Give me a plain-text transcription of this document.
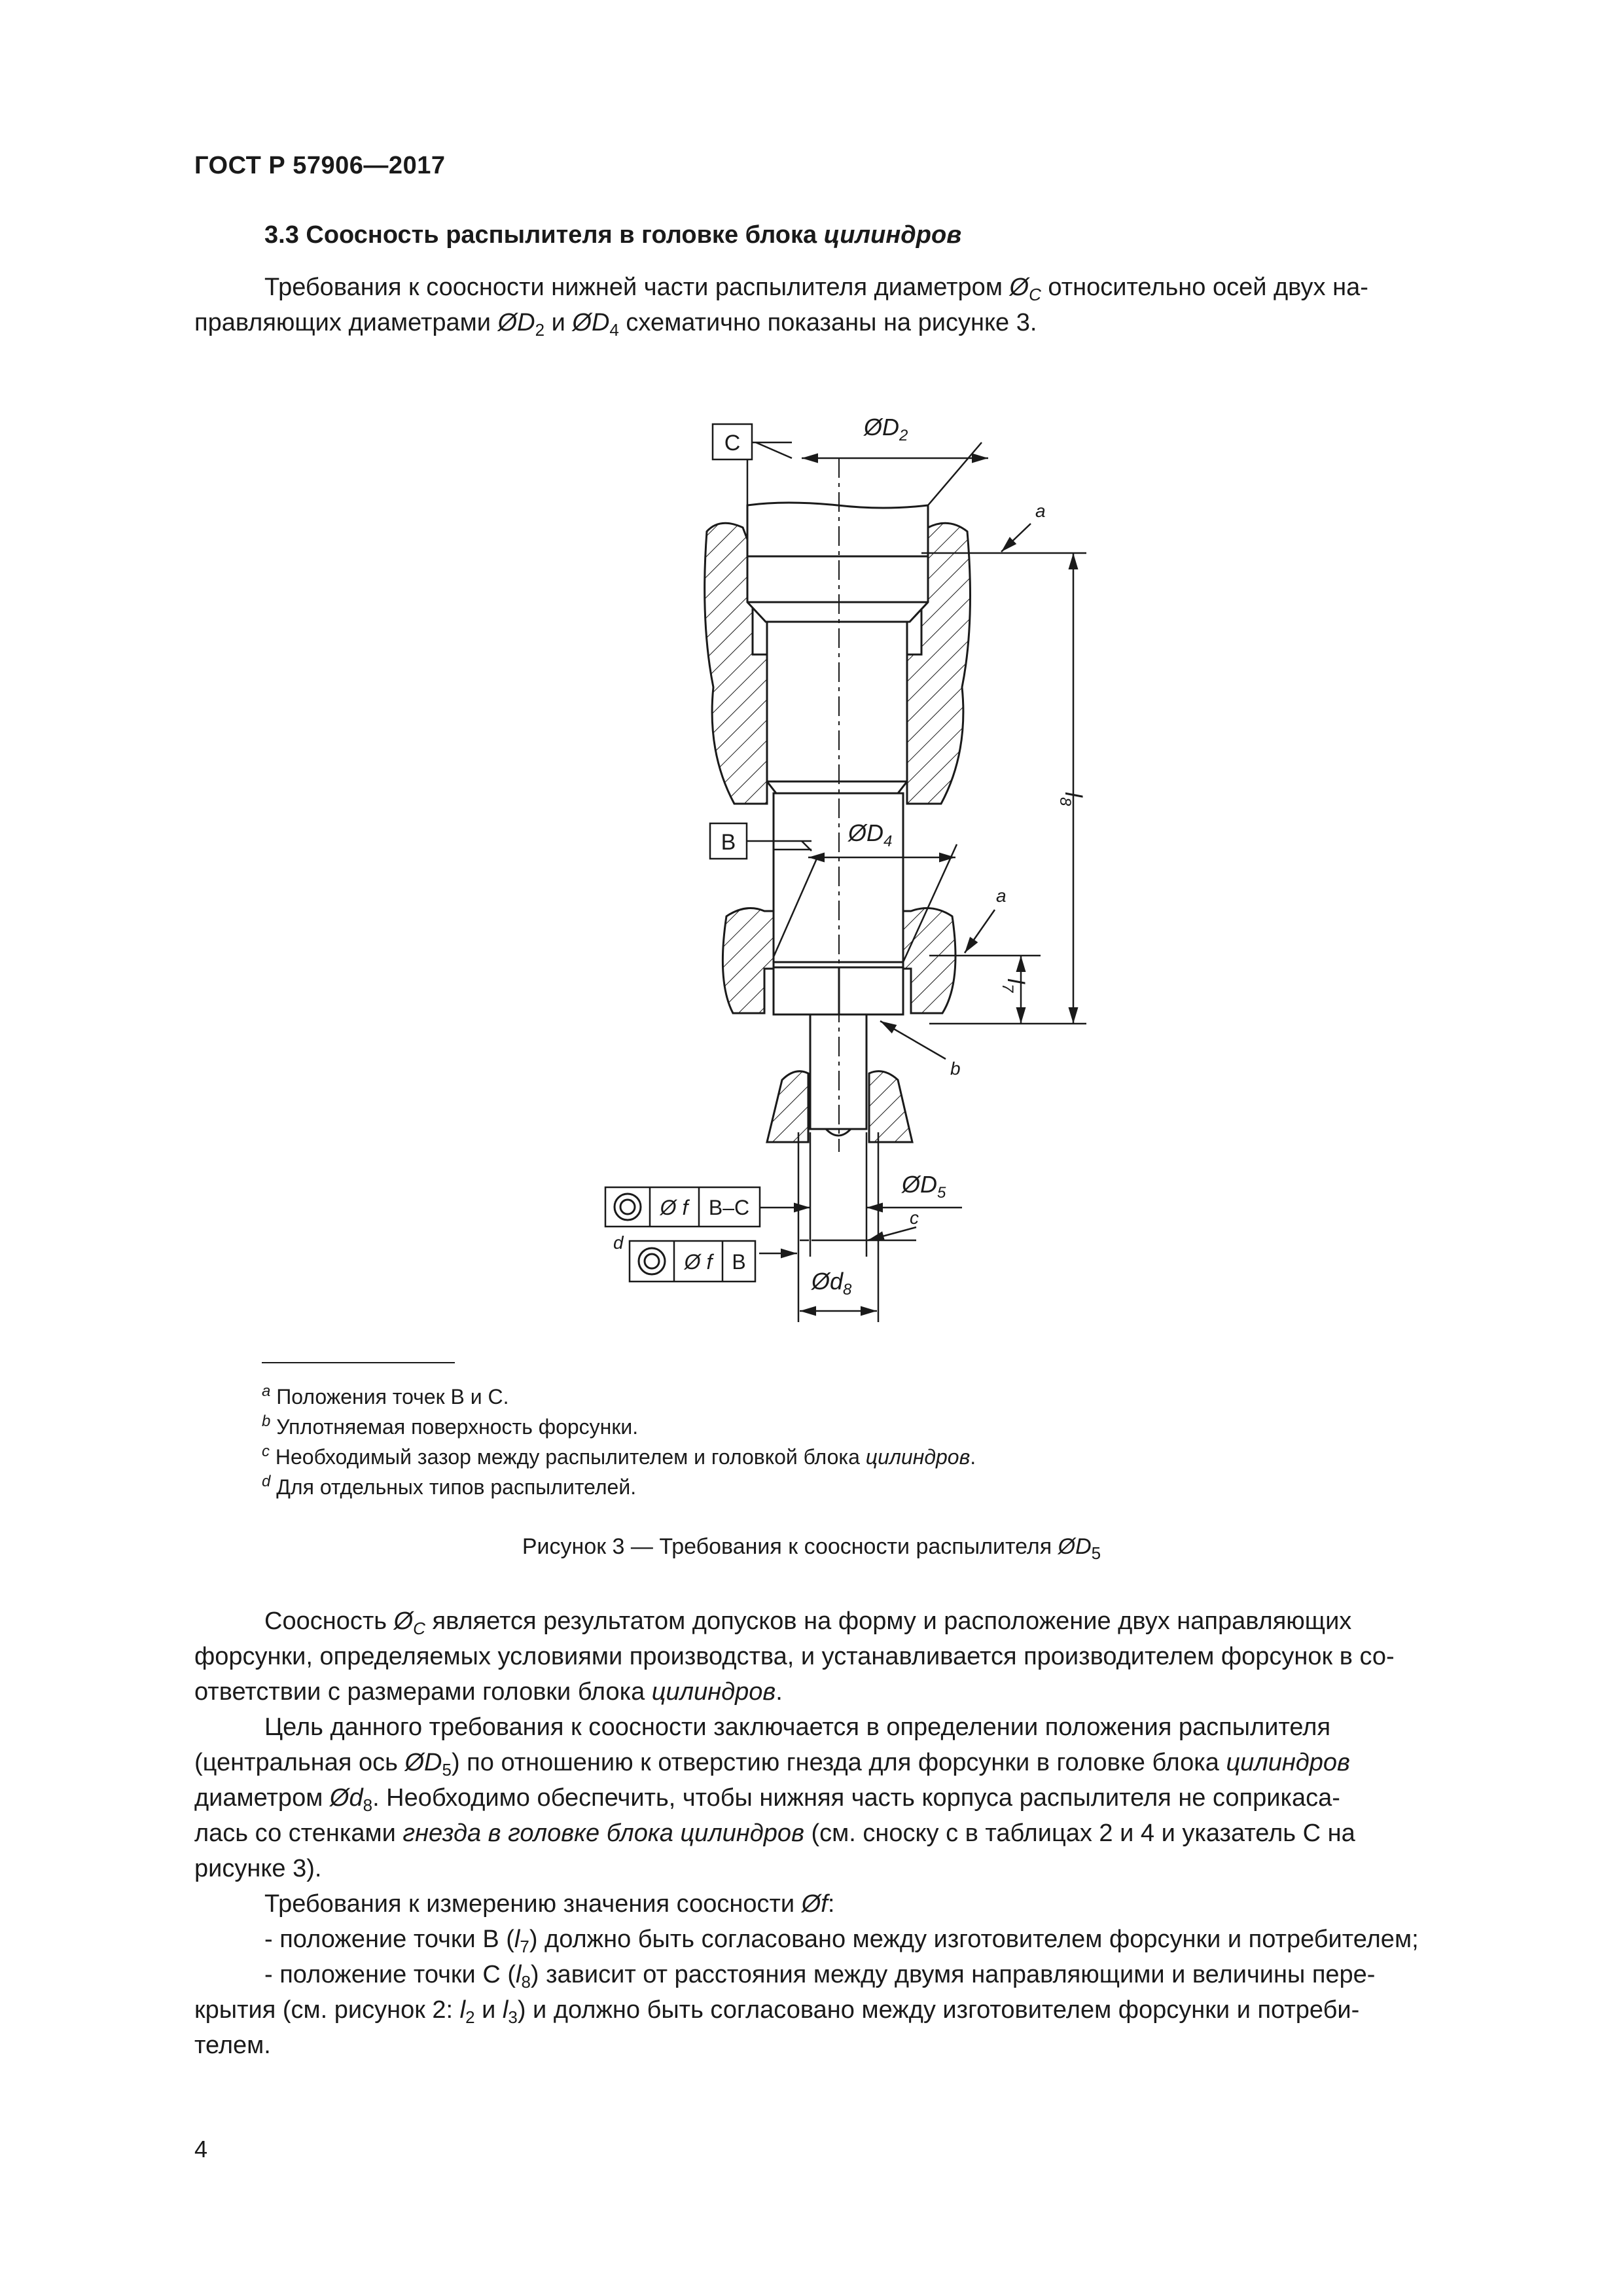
ГОСТ Р 57906—2017
3.3 Соосность распылителя в головке блока цилиндров

Требования к соосности нижней части распылителя диаметром $Ø_C$ относительно осей двух на-

правляющих диаметрами $ØD_2$ и $ØD_4$ схематично показаны на рисунке 3.

C
$ØD_2$
a
a
$l_8$
$l_7$
B	$ØD_4$
b
$ØD_5$
c
$Ød_8$
d
Ø f B–C
Ø f B
$^a$ Положения точек В и С.
$^b$ Уплотняемая поверхность форсунки.
$^c$ Необходимый зазор между распылителем и головкой блока цилиндров.
$^d$ Для отдельных типов распылителей.
Рисунок 3 — Требования к соосности распылителя $ØD_5$

Соосность $Ø_C$ является результатом допусков на форму и расположение двух направляющих

форсунки, определяемых условиями производства, и устанавливается производителем форсунок в со-

ответствии с размерами головки блока цилиндров.

Цель данного требования к соосности заключается в определении положения распылителя

(центральная ось $ØD_5$) по отношению к отверстию гнезда для форсунки в головке блока цилиндров

диаметром $Ød_8$. Необходимо обеспечить, чтобы нижняя часть корпуса распылителя не соприкаса-

лась со стенками гнезда в головке блока цилиндров (см. сноску с в таблицах 2 и 4 и указатель С на

рисунке 3).

Требования к измерению значения соосности Øf:

- положение точки В $(l_7)$ должно быть согласовано между изготовителем форсунки и потребителем;

- положение точки С $(l_8)$ зависит от расстояния между двумя направляющими и величины пере-

крытия (см. рисунок 2: $l_2$ и $l_3$) и должно быть согласовано между изготовителем форсунки и потреби-

телем.

4
